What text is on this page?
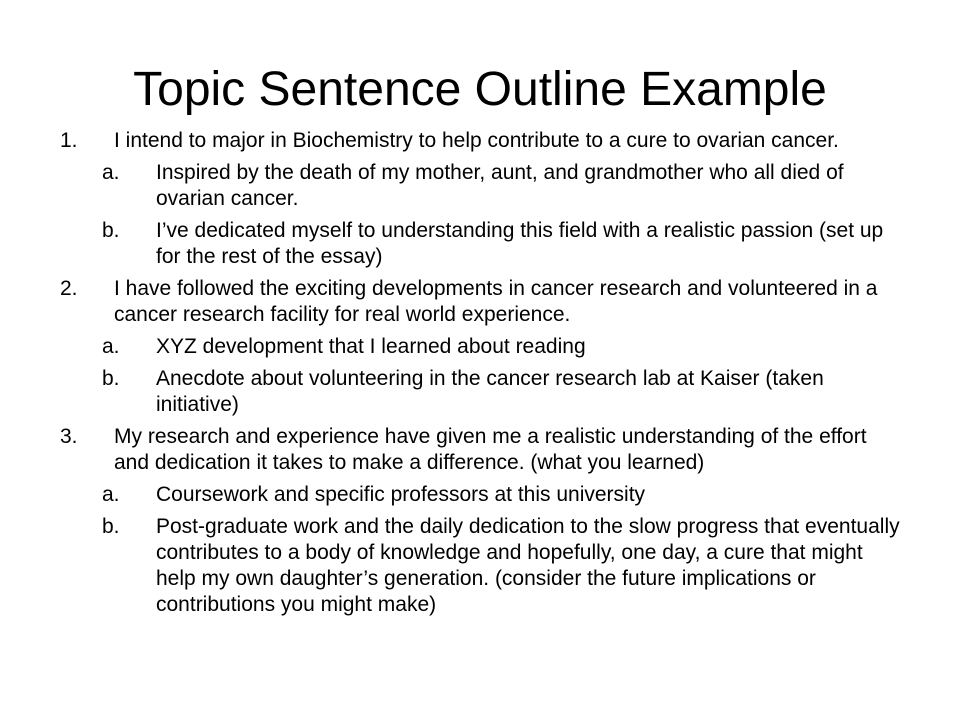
Topic Sentence Outline Example
1. I intend to major in Biochemistry to help contribute to a cure to ovarian cancer.
a. Inspired by the death of my mother, aunt, and grandmother who all died of ovarian cancer.
b. I’ve dedicated myself to understanding this field with a realistic passion (set up for the rest of the essay)
2. I have followed the exciting developments in cancer research and volunteered in a cancer research facility for real world experience.
a. XYZ development that I learned about reading
b. Anecdote about volunteering in the cancer research lab at Kaiser (taken initiative)
3. My research and experience have given me a realistic understanding of the effort and dedication it takes to make a difference. (what you learned)
a. Coursework and specific professors at this university
b. Post-graduate work and the daily dedication to the slow progress that eventually contributes to a body of knowledge and hopefully, one day, a cure that might help my own daughter’s generation. (consider the future implications or contributions you might make)
